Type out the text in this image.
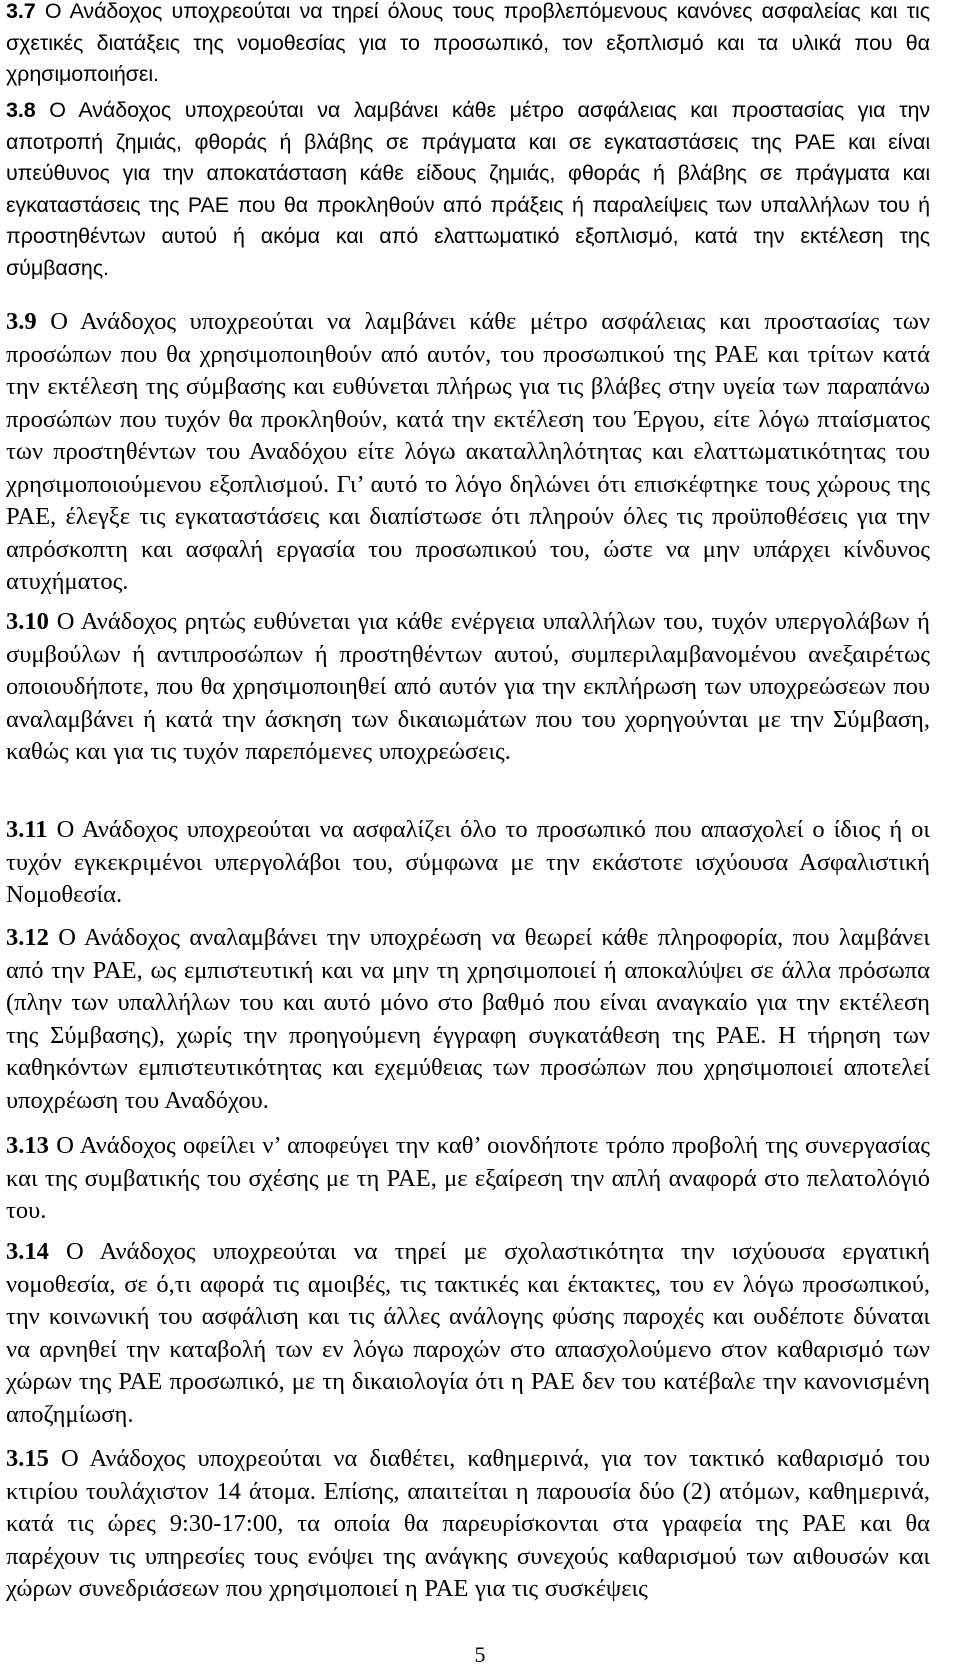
3.7 Ο Ανάδοχος υποχρεούται να τηρεί όλους τους προβλεπόμενους κανόνες ασφαλείας και τις σχετικές διατάξεις της νομοθεσίας για το προσωπικό, τον εξοπλισμό και τα υλικά που θα χρησιμοποιήσει.

3.8 Ο Ανάδοχος υποχρεούται να λαμβάνει κάθε μέτρο ασφάλειας και προστασίας για την αποτροπή ζημιάς, φθοράς ή βλάβης σε πράγματα και σε εγκαταστάσεις της ΡΑΕ και είναι υπεύθυνος για την αποκατάσταση κάθε είδους ζημιάς, φθοράς ή βλάβης σε πράγματα και εγκαταστάσεις της ΡΑΕ που θα προκληθούν από πράξεις ή παραλείψεις των υπαλλήλων του ή προστηθέντων αυτού ή ακόμα και από ελαττωματικό εξοπλισμό, κατά την εκτέλεση της σύμβασης.

3.9 Ο Ανάδοχος υποχρεούται να λαμβάνει κάθε μέτρο ασφάλειας και προστασίας των προσώπων που θα χρησιμοποιηθούν από αυτόν, του προσωπικού της ΡΑΕ και τρίτων κατά την εκτέλεση της σύμβασης και ευθύνεται πλήρως για τις βλάβες στην υγεία των παραπάνω προσώπων που τυχόν θα προκληθούν, κατά την εκτέλεση του Έργου, είτε λόγω πταίσματος των προστηθέντων του Αναδόχου είτε λόγω ακαταλληλότητας και ελαττωματικότητας του χρησιμοποιούμενου εξοπλισμού. Γι’ αυτό το λόγο δηλώνει ότι επισκέφτηκε τους χώρους της ΡΑΕ, έλεγξε τις εγκαταστάσεις και διαπίστωσε ότι πληρούν όλες τις προϋποθέσεις για την απρόσκοπτη και ασφαλή εργασία του προσωπικού του, ώστε να μην υπάρχει κίνδυνος ατυχήματος.

3.10 Ο Ανάδοχος ρητώς ευθύνεται για κάθε ενέργεια υπαλλήλων του, τυχόν υπεργολάβων ή συμβούλων ή αντιπροσώπων ή προστηθέντων αυτού, συμπεριλαμβανομένου ανεξαιρέτως οποιουδήποτε, που θα χρησιμοποιηθεί από αυτόν για την εκπλήρωση των υποχρεώσεων που αναλαμβάνει ή κατά την άσκηση των δικαιωμάτων που του χορηγούνται με την Σύμβαση, καθώς και για τις τυχόν παρεπόμενες υποχρεώσεις.

3.11 Ο Ανάδοχος υποχρεούται να ασφαλίζει όλο το προσωπικό που απασχολεί ο ίδιος ή οι τυχόν εγκεκριμένοι υπεργολάβοι του, σύμφωνα με την εκάστοτε ισχύουσα Ασφαλιστική Νομοθεσία.

3.12 Ο Ανάδοχος αναλαμβάνει την υποχρέωση να θεωρεί κάθε πληροφορία, που λαμβάνει από την ΡΑΕ, ως εμπιστευτική και να μην τη χρησιμοποιεί ή αποκαλύψει σε άλλα πρόσωπα (πλην των υπαλλήλων του και αυτό μόνο στο βαθμό που είναι αναγκαίο για την εκτέλεση της Σύμβασης), χωρίς την προηγούμενη έγγραφη συγκατάθεση της ΡΑΕ. Η τήρηση των καθηκόντων εμπιστευτικότητας και εχεμύθειας των προσώπων που χρησιμοποιεί αποτελεί υποχρέωση του Αναδόχου.

3.13 Ο Ανάδοχος οφείλει ν’ αποφεύγει την καθ’ οιονδήποτε τρόπο προβολή της συνεργασίας και της συμβατικής του σχέσης με τη ΡΑΕ, με εξαίρεση την απλή αναφορά στο πελατολόγιό του.

3.14 Ο Ανάδοχος υποχρεούται να τηρεί με σχολαστικότητα την ισχύουσα εργατική νομοθεσία, σε ό,τι αφορά τις αμοιβές, τις τακτικές και έκτακτες, του εν λόγω προσωπικού, την κοινωνική του ασφάλιση και τις άλλες ανάλογης φύσης παροχές και ουδέποτε δύναται να αρνηθεί την καταβολή των εν λόγω παροχών στο απασχολούμενο στον καθαρισμό των χώρων της ΡΑΕ προσωπικό, με τη δικαιολογία ότι η ΡΑΕ δεν του κατέβαλε την κανονισμένη αποζημίωση.

3.15 Ο Ανάδοχος υποχρεούται να διαθέτει, καθημερινά, για τον τακτικό καθαρισμό του κτιρίου τουλάχιστον 14 άτομα. Επίσης, απαιτείται η παρουσία δύο (2) ατόμων, καθημερινά, κατά τις ώρες 9:30-17:00, τα οποία θα παρευρίσκονται στα γραφεία της ΡΑΕ και θα παρέχουν τις υπηρεσίες τους ενόψει της ανάγκης συνεχούς καθαρισμού των αιθουσών και χώρων συνεδριάσεων που χρησιμοποιεί η ΡΑΕ για τις συσκέψεις

5
